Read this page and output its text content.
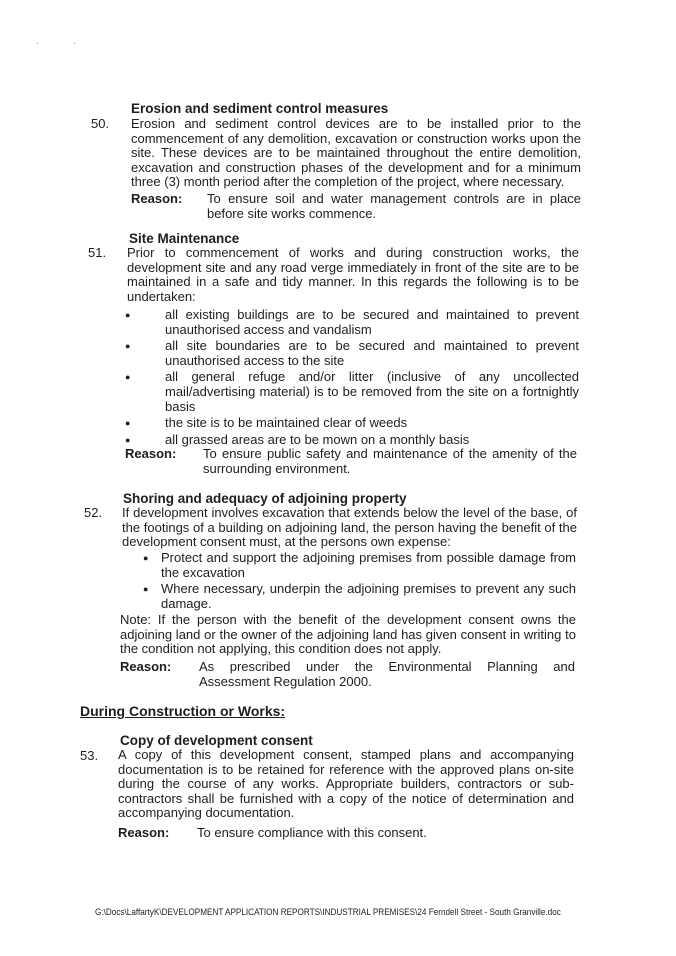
··
50.
Erosion and sediment control measures
Erosion and sediment control devices are to be installed prior to the commencement of any demolition, excavation or construction works upon the site. These devices are to be maintained throughout the entire demolition, excavation and construction phases of the development and for a minimum three (3) month period after the completion of the project, where necessary.
Reason:	To ensure soil and water management controls are in place before site works commence.
51.
Site Maintenance
Prior to commencement of works and during construction works, the development site and any road verge immediately in front of the site are to be maintained in a safe and tidy manner. In this regards the following is to be undertaken:
●	all existing buildings are to be secured and maintained to prevent unauthorised access and vandalism
●	all site boundaries are to be secured and maintained to prevent unauthorised access to the site
●	all general refuge and/or litter (inclusive of any uncollected mail/advertising material) is to be removed from the site on a fortnightly basis
●	the site is to be maintained clear of weeds
●	all grassed areas are to be mown on a monthly basis
Reason:	To ensure public safety and maintenance of the amenity of the surrounding environment.
52.
Shoring and adequacy of adjoining property
If development involves excavation that extends below the level of the base, of the footings of a building on adjoining land, the person having the benefit of the development consent must, at the persons own expense:
● Protect and support the adjoining premises from possible damage from the excavation
● Where necessary, underpin the adjoining premises to prevent any such damage.
Note: If the person with the benefit of the development consent owns the adjoining land or the owner of the adjoining land has given consent in writing to the condition not applying, this condition does not apply.
Reason:	As prescribed under the Environmental Planning and Assessment Regulation 2000.
During Construction or Works:
53.
Copy of development consent
A copy of this development consent, stamped plans and accompanying documentation is to be retained for reference with the approved plans on-site during the course of any works. Appropriate builders, contractors or sub-contractors shall be furnished with a copy of the notice of determination and accompanying documentation.
Reason:	To ensure compliance with this consent.
G:\Docs\LaffartyK\DEVELOPMENT APPLICATION REPORTS\INDUSTRIAL PREMISES\24 Ferndell Street - South Granville.doc
